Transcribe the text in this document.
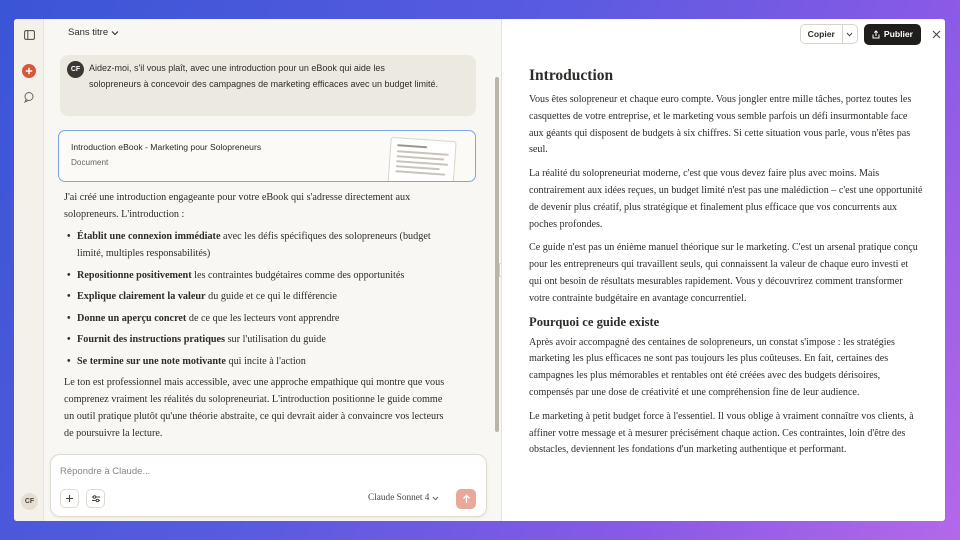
CF
Sans titre
CF Aidez-moi, s'il vous plaît, avec une introduction pour un eBook qui aide les solopreneurs à concevoir des campagnes de marketing efficaces avec un budget limité.
Introduction eBook - Marketing pour Solopreneurs
Document

J'ai créé une introduction engageante pour votre eBook qui s'adresse directement aux solopreneurs. L'introduction :

• Établit une connexion immédiate avec les défis spécifiques des solopreneurs (budget limité, multiples responsabilités)
• Repositionne positivement les contraintes budgétaires comme des opportunités
• Explique clairement la valeur du guide et ce qui le différencie
• Donne un aperçu concret de ce que les lecteurs vont apprendre
• Fournit des instructions pratiques sur l'utilisation du guide
• Se termine sur une note motivante qui incite à l'action

Le ton est professionnel mais accessible, avec une approche empathique qui montre que vous comprenez vraiment les réalités du solopreneuriat. L'introduction positionne le guide comme un outil pratique plutôt qu'une théorie abstraite, ce qui devrait aider à convaincre vos lecteurs de poursuivre la lecture.

Répondre à Claude...
Claude Sonnet 4
Copier	Publier
Introduction

Vous êtes solopreneur et chaque euro compte. Vous jongler entre mille tâches, portez toutes les casquettes de votre entreprise, et le marketing vous semble parfois un défi insurmontable face aux géants qui disposent de budgets à six chiffres. Si cette situation vous parle, vous n'êtes pas seul.

La réalité du solopreneuriat moderne, c'est que vous devez faire plus avec moins. Mais contrairement aux idées reçues, un budget limité n'est pas une malédiction – c'est une opportunité de devenir plus créatif, plus stratégique et finalement plus efficace que vos concurrents aux poches profondes.

Ce guide n'est pas un énième manuel théorique sur le marketing. C'est un arsenal pratique conçu pour les entrepreneurs qui travaillent seuls, qui connaissent la valeur de chaque euro investi et qui ont besoin de résultats mesurables rapidement. Vous y découvrirez comment transformer votre contrainte budgétaire en avantage concurrentiel.

Pourquoi ce guide existe

Après avoir accompagné des centaines de solopreneurs, un constat s'impose : les stratégies marketing les plus efficaces ne sont pas toujours les plus coûteuses. En fait, certaines des campagnes les plus mémorables et rentables ont été créées avec des budgets dérisoires, compensés par une dose de créativité et une compréhension fine de leur audience.

Le marketing à petit budget force à l'essentiel. Il vous oblige à vraiment connaître vos clients, à affiner votre message et à mesurer précisément chaque action. Ces contraintes, loin d'être des obstacles, deviennent les fondations d'un marketing authentique et performant.
